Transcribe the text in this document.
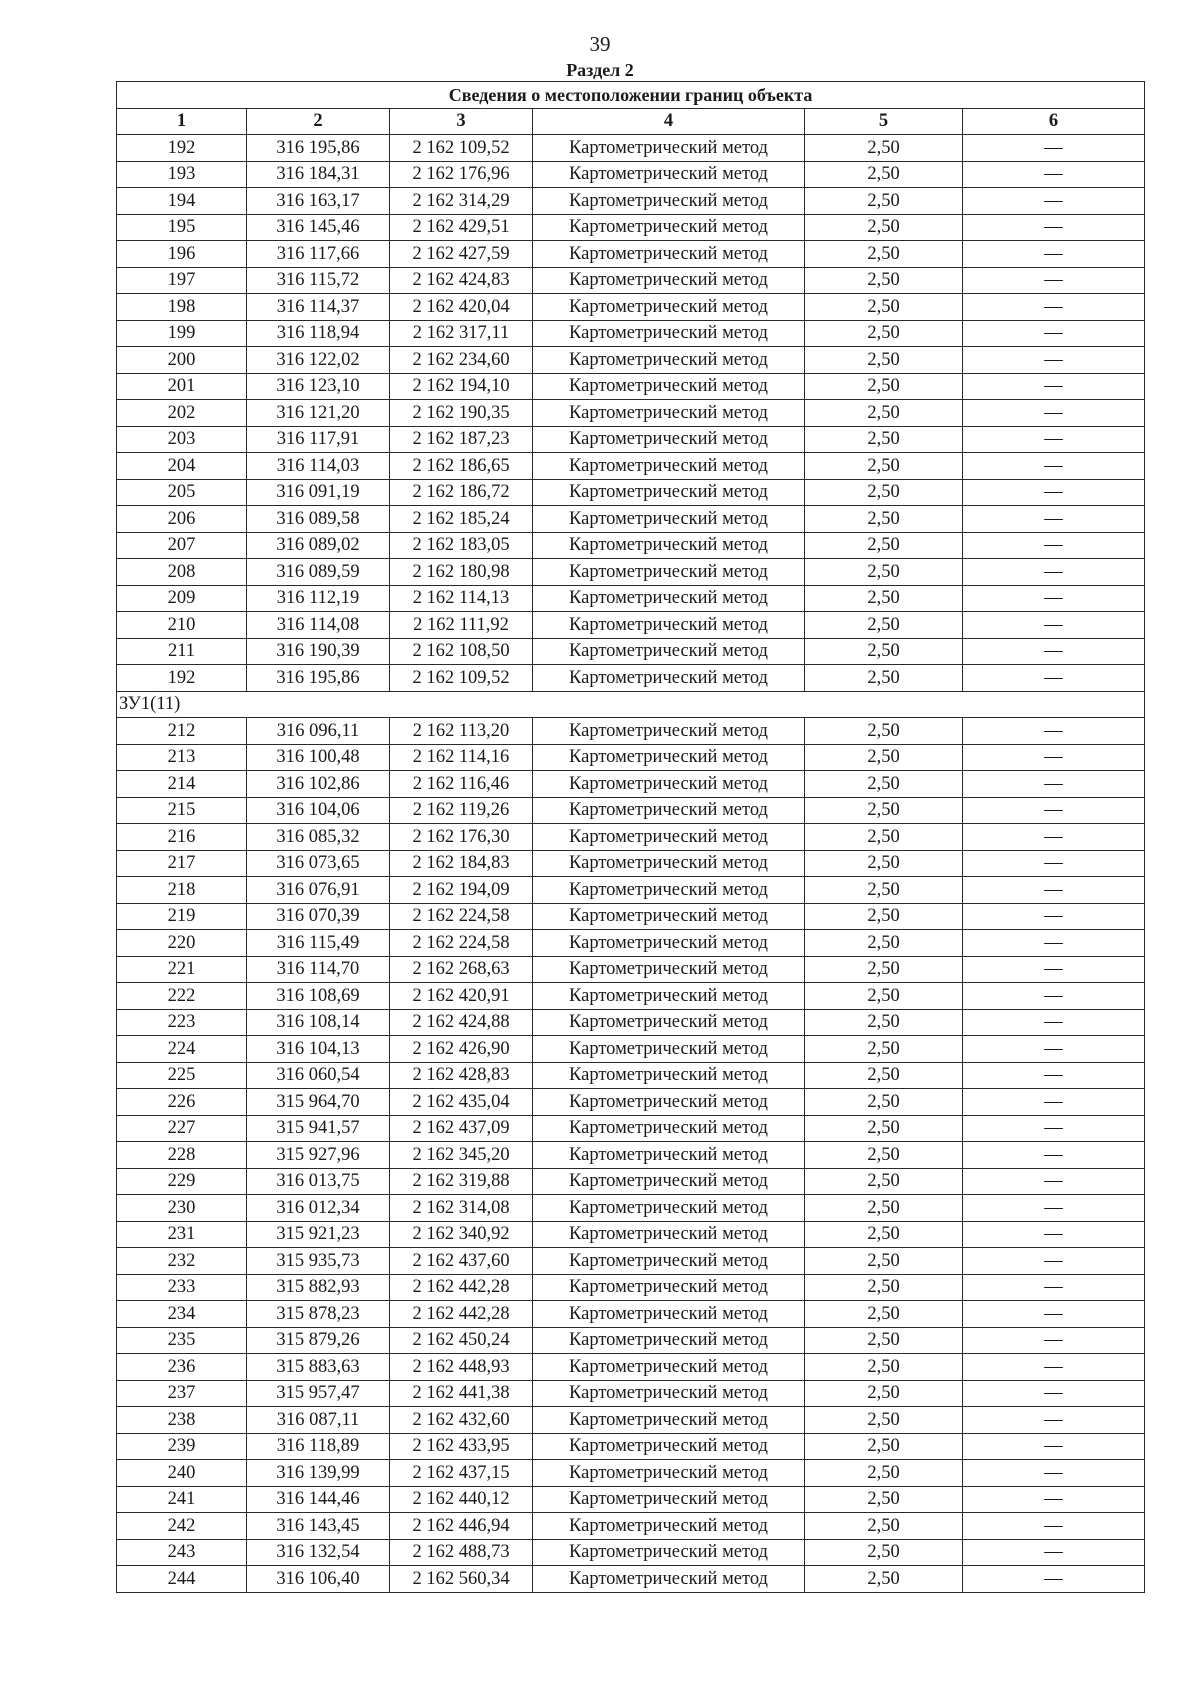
39
Раздел 2
Сведения о местоположении границ объекта					
1	2	3	4	5	6
192	316 195,86	2 162 109,52	Картометрический метод	2,50	—
193	316 184,31	2 162 176,96	Картометрический метод	2,50	—
194	316 163,17	2 162 314,29	Картометрический метод	2,50	—
195	316 145,46	2 162 429,51	Картометрический метод	2,50	—
196	316 117,66	2 162 427,59	Картометрический метод	2,50	—
197	316 115,72	2 162 424,83	Картометрический метод	2,50	—
198	316 114,37	2 162 420,04	Картометрический метод	2,50	—
199	316 118,94	2 162 317,11	Картометрический метод	2,50	—
200	316 122,02	2 162 234,60	Картометрический метод	2,50	—
201	316 123,10	2 162 194,10	Картометрический метод	2,50	—
202	316 121,20	2 162 190,35	Картометрический метод	2,50	—
203	316 117,91	2 162 187,23	Картометрический метод	2,50	—
204	316 114,03	2 162 186,65	Картометрический метод	2,50	—
205	316 091,19	2 162 186,72	Картометрический метод	2,50	—
206	316 089,58	2 162 185,24	Картометрический метод	2,50	—
207	316 089,02	2 162 183,05	Картометрический метод	2,50	—
208	316 089,59	2 162 180,98	Картометрический метод	2,50	—
209	316 112,19	2 162 114,13	Картометрический метод	2,50	—
210	316 114,08	2 162 111,92	Картометрический метод	2,50	—
211	316 190,39	2 162 108,50	Картометрический метод	2,50	—
192	316 195,86	2 162 109,52	Картометрический метод	2,50	—
ЗУ1(11)					
212	316 096,11	2 162 113,20	Картометрический метод	2,50	—
213	316 100,48	2 162 114,16	Картометрический метод	2,50	—
214	316 102,86	2 162 116,46	Картометрический метод	2,50	—
215	316 104,06	2 162 119,26	Картометрический метод	2,50	—
216	316 085,32	2 162 176,30	Картометрический метод	2,50	—
217	316 073,65	2 162 184,83	Картометрический метод	2,50	—
218	316 076,91	2 162 194,09	Картометрический метод	2,50	—
219	316 070,39	2 162 224,58	Картометрический метод	2,50	—
220	316 115,49	2 162 224,58	Картометрический метод	2,50	—
221	316 114,70	2 162 268,63	Картометрический метод	2,50	—
222	316 108,69	2 162 420,91	Картометрический метод	2,50	—
223	316 108,14	2 162 424,88	Картометрический метод	2,50	—
224	316 104,13	2 162 426,90	Картометрический метод	2,50	—
225	316 060,54	2 162 428,83	Картометрический метод	2,50	—
226	315 964,70	2 162 435,04	Картометрический метод	2,50	—
227	315 941,57	2 162 437,09	Картометрический метод	2,50	—
228	315 927,96	2 162 345,20	Картометрический метод	2,50	—
229	316 013,75	2 162 319,88	Картометрический метод	2,50	—
230	316 012,34	2 162 314,08	Картометрический метод	2,50	—
231	315 921,23	2 162 340,92	Картометрический метод	2,50	—
232	315 935,73	2 162 437,60	Картометрический метод	2,50	—
233	315 882,93	2 162 442,28	Картометрический метод	2,50	—
234	315 878,23	2 162 442,28	Картометрический метод	2,50	—
235	315 879,26	2 162 450,24	Картометрический метод	2,50	—
236	315 883,63	2 162 448,93	Картометрический метод	2,50	—
237	315 957,47	2 162 441,38	Картометрический метод	2,50	—
238	316 087,11	2 162 432,60	Картометрический метод	2,50	—
239	316 118,89	2 162 433,95	Картометрический метод	2,50	—
240	316 139,99	2 162 437,15	Картометрический метод	2,50	—
241	316 144,46	2 162 440,12	Картометрический метод	2,50	—
242	316 143,45	2 162 446,94	Картометрический метод	2,50	—
243	316 132,54	2 162 488,73	Картометрический метод	2,50	—
244	316 106,40	2 162 560,34	Картометрический метод	2,50	—
